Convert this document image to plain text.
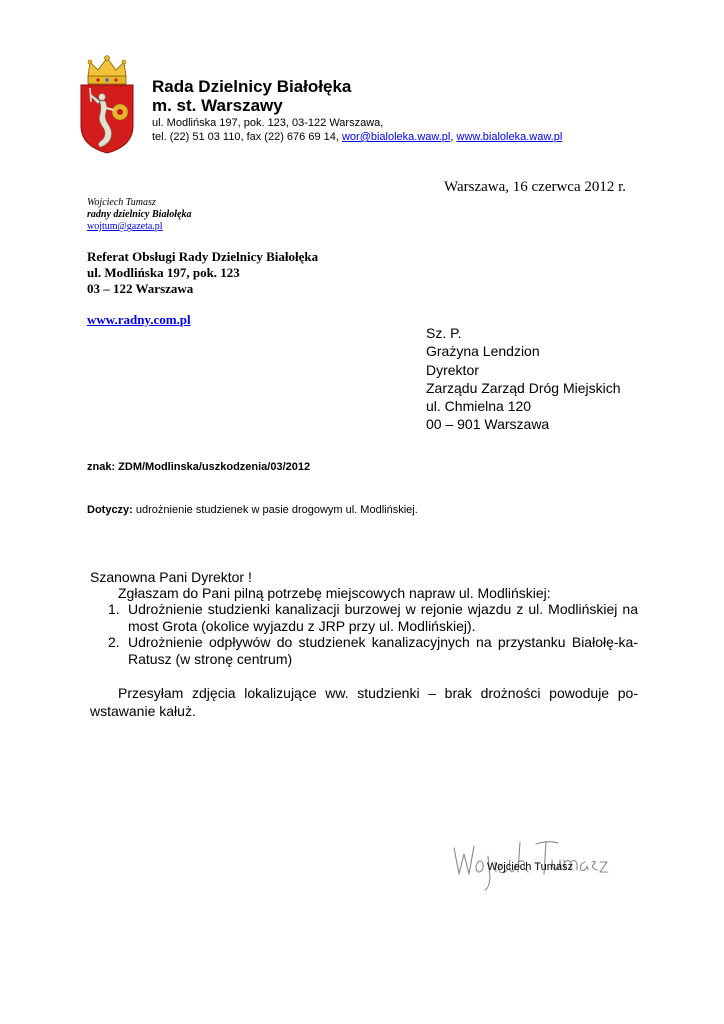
Rada Dzielnicy Białołęka
m. st. Warszawy
ul. Modlińska 197, pok. 123, 03-122 Warszawa,
tel. (22) 51 03 110, fax (22) 676 69 14, wor@bialoleka.waw.pl, www.bialoleka.waw.pl
Warszawa, 16 czerwca 2012 r.
Wojciech Tumasz
radny dzielnicy Białołęka
wojtum@gazeta.pl
Referat Obsługi Rady Dzielnicy Białołęka
ul. Modlińska 197, pok. 123
03 – 122 Warszawa
www.radny.com.pl
Sz. P.
Grażyna Lendzion
Dyrektor
Zarządu Zarząd Dróg Miejskich
ul. Chmielna 120
00 – 901 Warszawa
znak: ZDM/Modlinska/uszkodzenia/03/2012
Dotyczy: udrożnienie studzienek w pasie drogowym ul. Modlińskiej.
Szanowna Pani Dyrektor !
Zgłaszam do Pani pilną potrzebę miejscowych napraw ul. Modlińskiej:
1. Udrożnienie studzienki kanalizacji burzowej w rejonie wjazdu z ul. Modlińskiej na most Grota (okolice wyjazdu z JRP przy ul. Modlińskiej).
2. Udrożnienie odpływów do studzienek kanalizacyjnych na przystanku Białołę-ka-Ratusz (w stronę centrum)
Przesyłam zdjęcia lokalizujące ww. studzienki – brak drożności powoduje po-wstawanie kałuż.
Wojciech Tumasz
